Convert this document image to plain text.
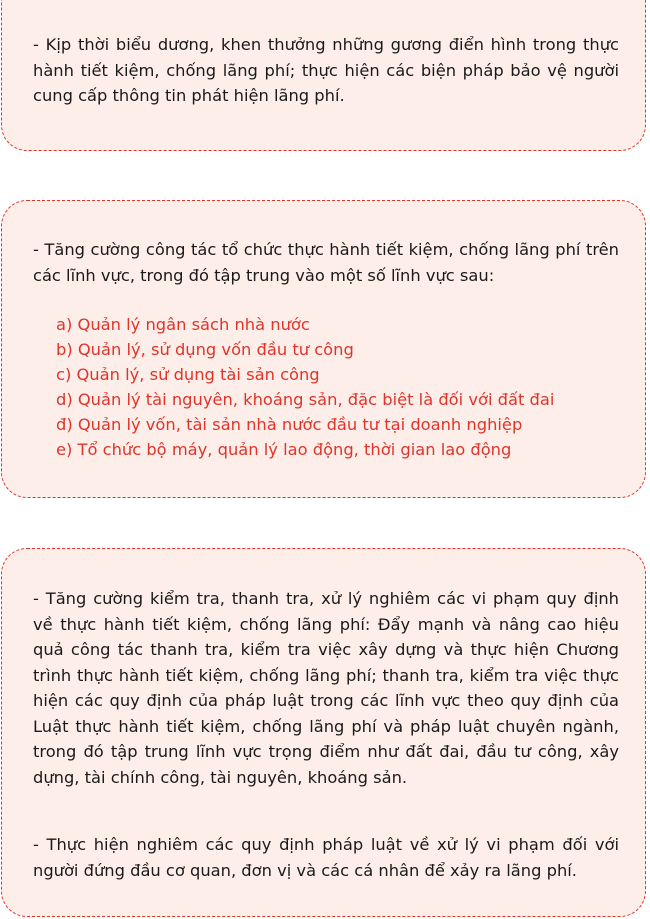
- Kịp thời biểu dương, khen thưởng những gương điển hình trong thực hành tiết kiệm, chống lãng phí; thực hiện các biện pháp bảo vệ người cung cấp thông tin phát hiện lãng phí.

- Tăng cường công tác tổ chức thực hành tiết kiệm, chống lãng phí trên các lĩnh vực, trong đó tập trung vào một số lĩnh vực sau:

a) Quản lý ngân sách nhà nước
b) Quản lý, sử dụng vốn đầu tư công
c) Quản lý, sử dụng tài sản công
d) Quản lý tài nguyên, khoáng sản, đặc biệt là đối với đất đai
đ) Quản lý vốn, tài sản nhà nước đầu tư tại doanh nghiệp
e) Tổ chức bộ máy, quản lý lao động, thời gian lao động

- Tăng cường kiểm tra, thanh tra, xử lý nghiêm các vi phạm quy định về thực hành tiết kiệm, chống lãng phí: Đẩy mạnh và nâng cao hiệu quả công tác thanh tra, kiểm tra việc xây dựng và thực hiện Chương trình thực hành tiết kiệm, chống lãng phí; thanh tra, kiểm tra việc thực hiện các quy định của pháp luật trong các lĩnh vực theo quy định của Luật thực hành tiết kiệm, chống lãng phí và pháp luật chuyên ngành, trong đó tập trung lĩnh vực trọng điểm như đất đai, đầu tư công, xây dựng, tài chính công, tài nguyên, khoáng sản.

- Thực hiện nghiêm các quy định pháp luật về xử lý vi phạm đối với người đứng đầu cơ quan, đơn vị và các cá nhân để xảy ra lãng phí.
